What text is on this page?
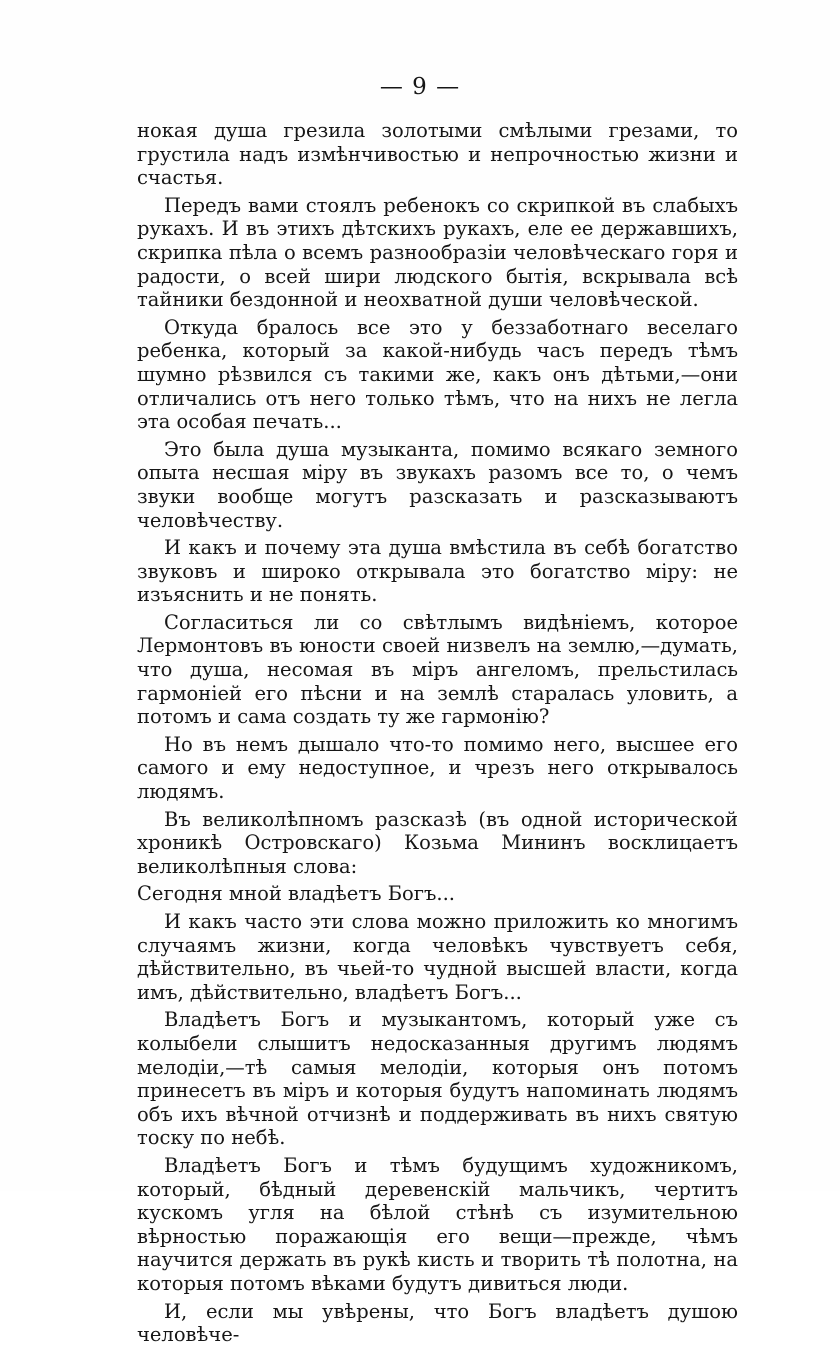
— 9 —

нокая душа грезила золотыми смѣлыми грезами, то грустила надъ измѣнчивостью и непрочностью жизни и счастья.

Передъ вами стоялъ ребенокъ со скрипкой въ слабыхъ рукахъ. И въ этихъ дѣтскихъ рукахъ, еле ее державшихъ, скрипка пѣла о всемъ разнообразіи человѣческаго горя и радости, о всей шири людского бытія, вскрывала всѣ тайники бездонной и неохватной души человѣческой.

Откуда бралось все это у беззаботнаго веселаго ребенка, который за какой-нибудь часъ передъ тѣмъ шумно рѣзвился съ такими же, какъ онъ дѣтьми,—они отличались отъ него только тѣмъ, что на нихъ не легла эта особая печать...

Это была душа музыканта, помимо всякаго земного опыта несшая міру въ звукахъ разомъ все то, о чемъ звуки вообще могутъ разсказать и разсказываютъ человѣчеству.

И какъ и почему эта душа вмѣстила въ себѣ богатство звуковъ и широко открывала это богатство міру: не изъяснить и не понять.

Согласиться ли со свѣтлымъ видѣніемъ, которое Лермонтовъ въ юности своей низвелъ на землю,—думать, что душа, несомая въ міръ ангеломъ, прельстилась гармоніей его пѣсни и на землѣ старалась уловить, а потомъ и сама создать ту же гармонію?

Но въ немъ дышало что-то помимо него, высшее его самого и ему недоступное, и чрезъ него открывалось людямъ.

Въ великолѣпномъ разсказѣ (въ одной исторической хроникѣ Островскаго) Козьма Мининъ восклицаетъ великолѣпныя слова:

Сегодня мной владѣетъ Богъ...

И какъ часто эти слова можно приложить ко многимъ случаямъ жизни, когда человѣкъ чувствуетъ себя, дѣйствительно, въ чьей-то чудной высшей власти, когда имъ, дѣйствительно, владѣетъ Богъ...

Владѣетъ Богъ и музыкантомъ, который уже съ колыбели слышитъ недосказанныя другимъ людямъ мелодіи,—тѣ самыя мелодіи, которыя онъ потомъ принесетъ въ міръ и которыя будутъ напоминать людямъ объ ихъ вѣчной отчизнѣ и поддерживать въ нихъ святую тоску по небѣ.

Владѣетъ Богъ и тѣмъ будущимъ художникомъ, который, бѣдный деревенскій мальчикъ, чертитъ кускомъ угля на бѣлой стѣнѣ съ изумительною вѣрностью поражающія его вещи—прежде, чѣмъ научится держать въ рукѣ кисть и творить тѣ полотна, на которыя потомъ вѣками будутъ дивиться люди.

И, если мы увѣрены, что Богъ владѣетъ душою человѣче-
